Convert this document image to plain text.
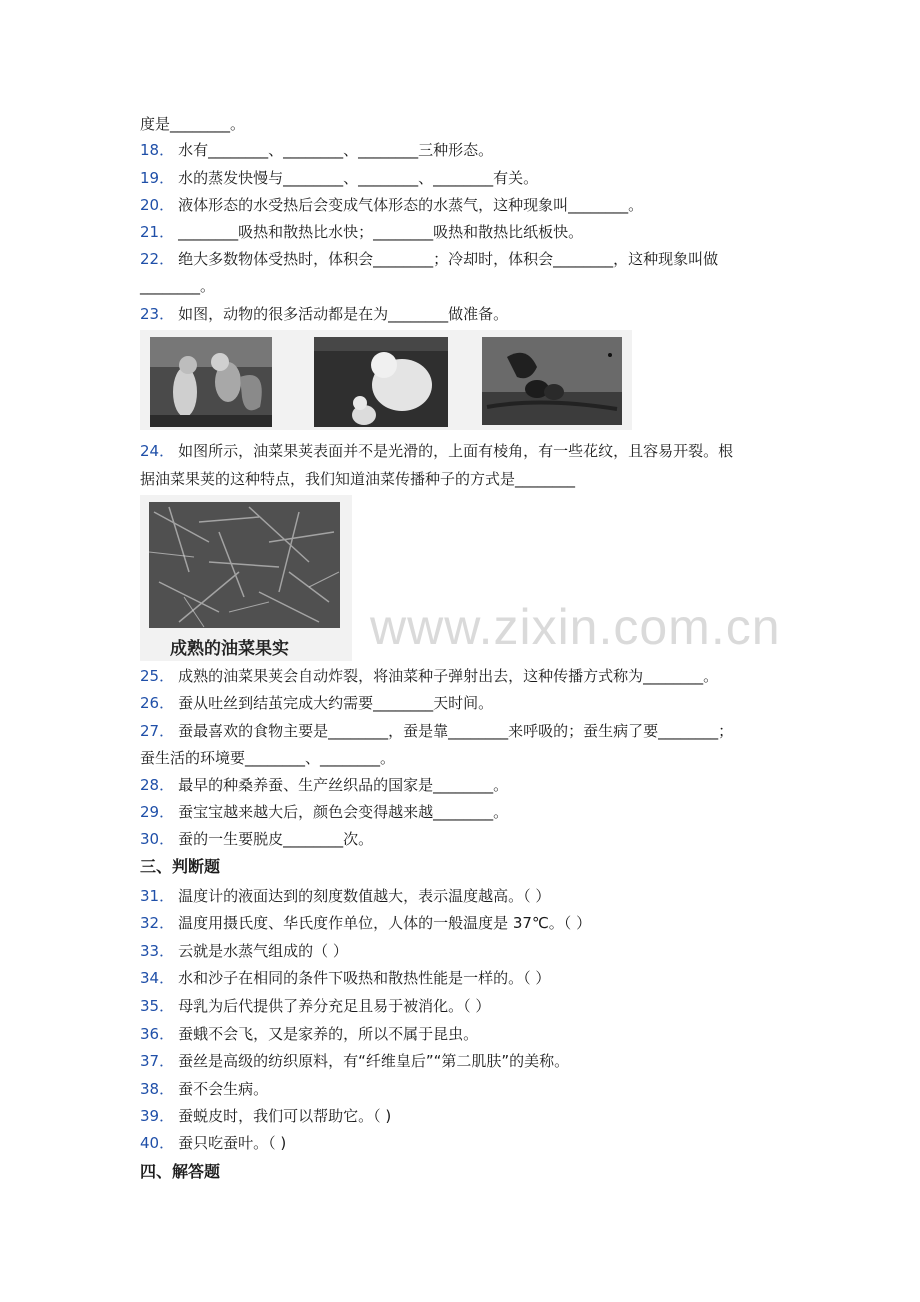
度是________。
18． 水有________、________、________三种形态。
19． 水的蒸发快慢与________、________、________有关。
20． 液体形态的水受热后会变成气体形态的水蒸气，这种现象叫________。
21． ________吸热和散热比水快；________吸热和散热比纸板快。
22． 绝大多数物体受热时，体积会________；冷却时，体积会________，这种现象叫做
________。
23． 如图，动物的很多活动都是在为________做准备。
24． 如图所示，油菜果荚表面并不是光滑的，上面有棱角，有一些花纹，且容易开裂。根
据油菜果荚的这种特点，我们知道油菜传播种子的方式是________
成熟的油菜果实 www.zixin.com.cn
25． 成熟的油菜果荚会自动炸裂，将油菜种子弹射出去，这种传播方式称为________。
26． 蚕从吐丝到结茧完成大约需要________天时间。
27． 蚕最喜欢的食物主要是________，蚕是靠________来呼吸的；蚕生病了要________；
蚕生活的环境要________、________。
28． 最早的种桑养蚕、生产丝织品的国家是________。
29． 蚕宝宝越来越大后，颜色会变得越来越________。
30． 蚕的一生要脱皮________次。
三、判断题
31． 温度计的液面达到的刻度数值越大，表示温度越高。（ ）
32． 温度用摄氏度、华氏度作单位，人体的一般温度是 37℃。（ ）
33． 云就是水蒸气组成的（ ）
34． 水和沙子在相同的条件下吸热和散热性能是一样的。（ ）
35． 母乳为后代提供了养分充足且易于被消化。（ ）
36． 蚕蛾不会飞，又是家养的，所以不属于昆虫。
37． 蚕丝是高级的纺织原料，有“纤维皇后”“第二肌肤”的美称。
38． 蚕不会生病。
39． 蚕蜕皮时，我们可以帮助它。（ )
40． 蚕只吃蚕叶。（ )
四、解答题
